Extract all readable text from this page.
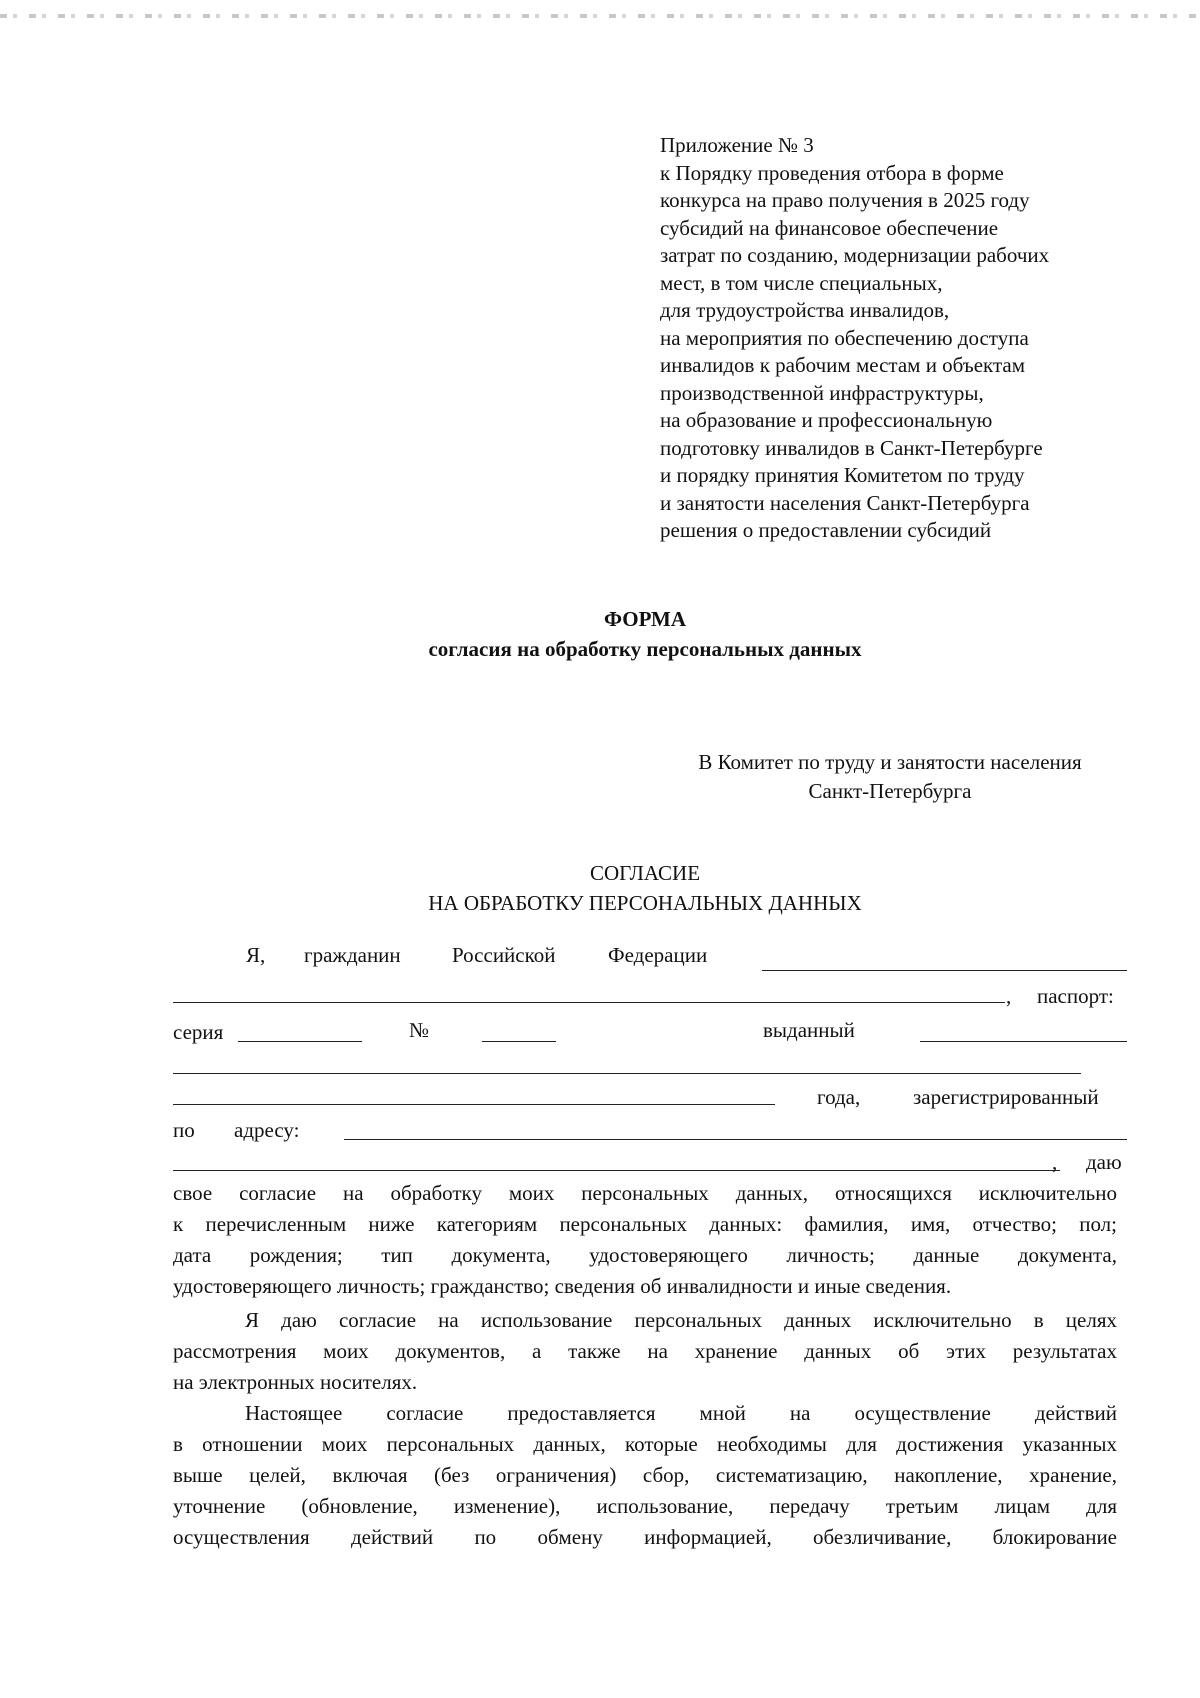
Приложение № 3
к Порядку проведения отбора в форме
конкурса на право получения в 2025 году
субсидий на финансовое обеспечение
затрат по созданию, модернизации рабочих
мест, в том числе специальных,
для трудоустройства инвалидов,
на мероприятия по обеспечению доступа
инвалидов к рабочим местам и объектам
производственной инфраструктуры,
на образование и профессиональную
подготовку инвалидов в Санкт-Петербурге
и порядку принятия Комитетом по труду
и занятости населения Санкт-Петербурга
решения о предоставлении субсидий
ФОРМА
согласия на обработку персональных данных
В Комитет по труду и занятости населения
Санкт-Петербурга
СОГЛАСИЕ
НА ОБРАБОТКУ ПЕРСОНАЛЬНЫХ ДАННЫХ
Я, гражданин Российской	Федерации
, паспорт:
серия	№	выданный
года,	зарегистрированный
по адресу:
, даю
свое согласие на обработку моих персональных данных, относящихся исключительно
к перечисленным ниже категориям персональных данных: фамилия, имя, отчество; пол;
дата рождения; тип документа, удостоверяющего личность; данные документа,
удостоверяющего личность; гражданство; сведения об инвалидности и иные сведения.
Я даю согласие на использование персональных данных исключительно в целях
рассмотрения моих документов, а также на хранение данных об этих результатах
на электронных носителях.
Настоящее согласие предоставляется мной на осуществление действий
в отношении моих персональных данных, которые необходимы для достижения указанных
выше целей, включая (без ограничения) сбор, систематизацию, накопление, хранение,
уточнение (обновление, изменение), использование, передачу третьим лицам для
осуществления действий по обмену информацией, обезличивание, блокирование
